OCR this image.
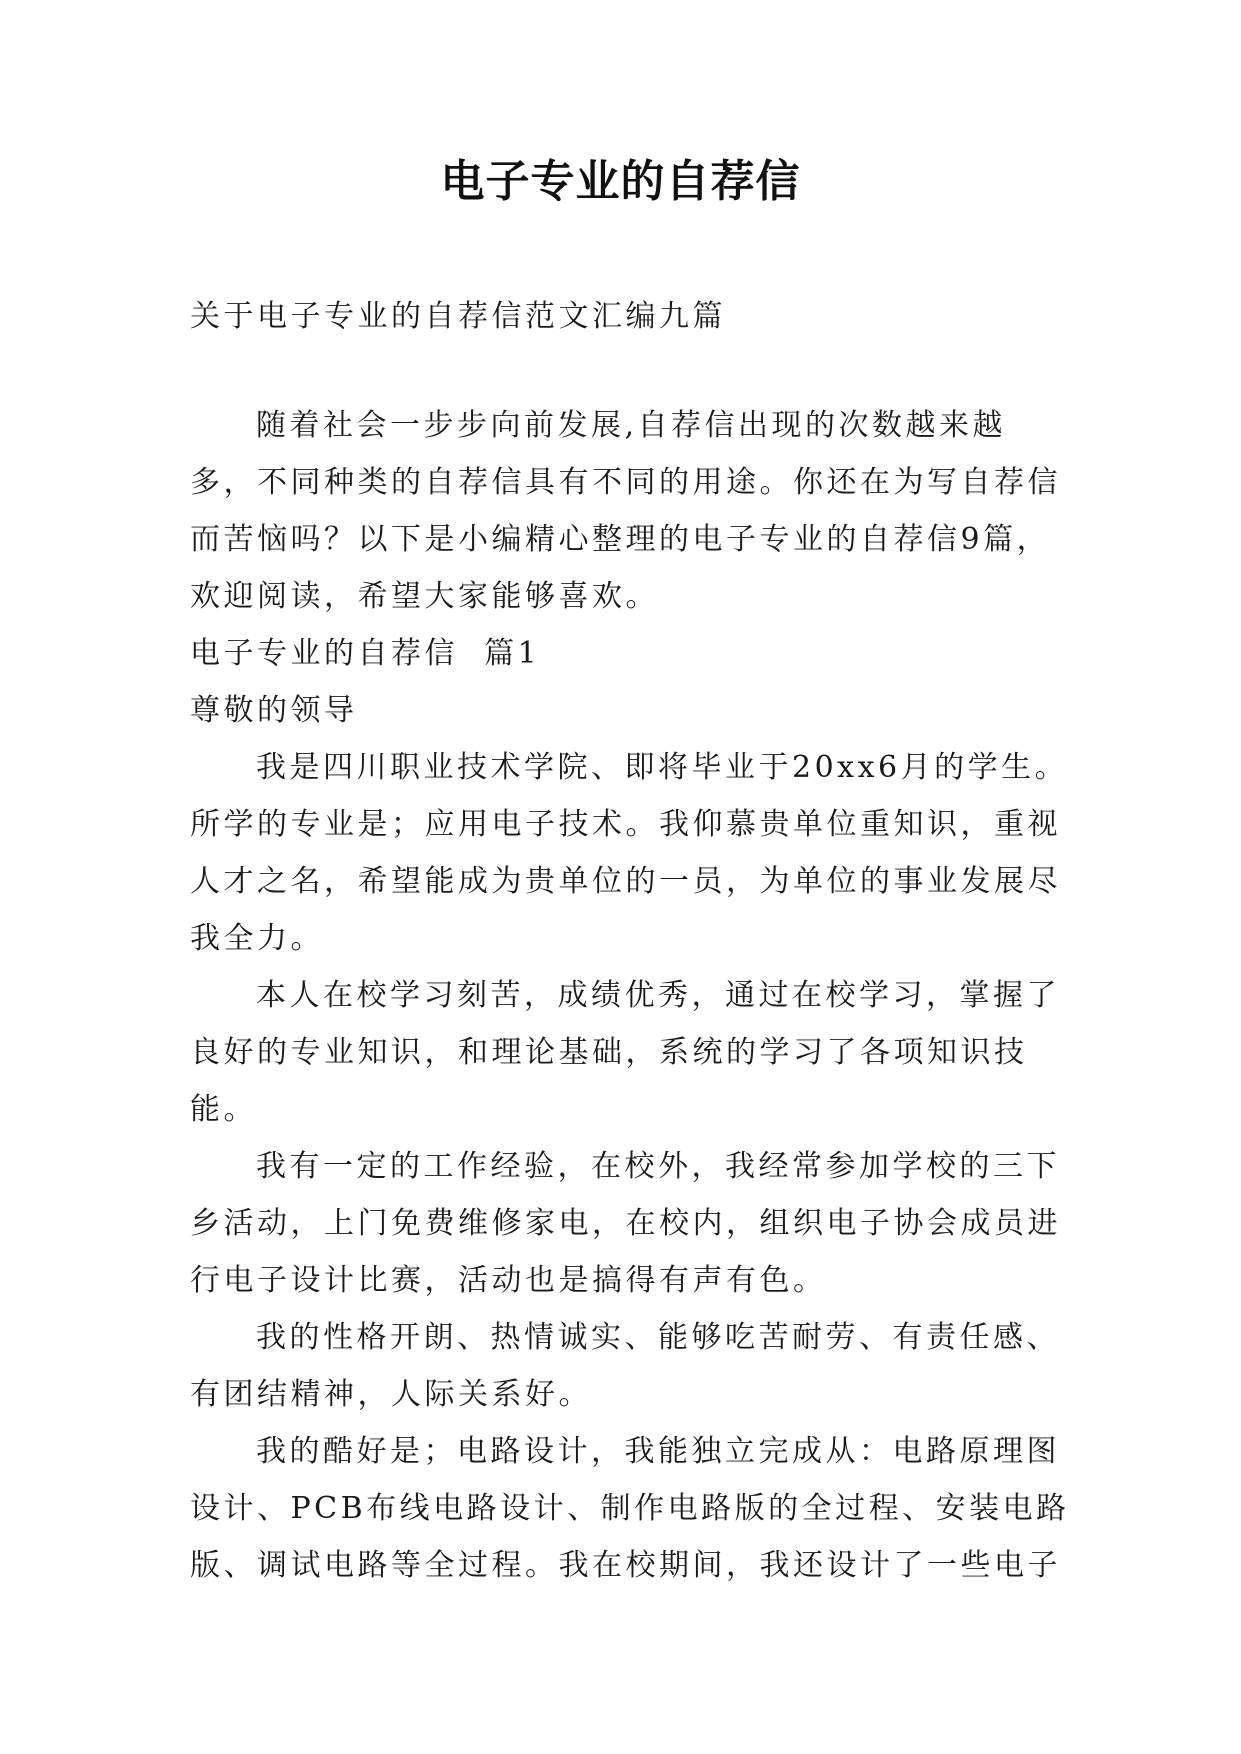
电子专业的自荐信

关于电子专业的自荐信范文汇编九篇

随着社会一步步向前发展,自荐信出现的次数越来越多，不同种类的自荐信具有不同的用途。你还在为写自荐信而苦恼吗？以下是小编精心整理的电子专业的自荐信9篇，欢迎阅读，希望大家能够喜欢。

电子专业的自荐信  篇1

尊敬的领导

我是四川职业技术学院、即将毕业于20xx6月的学生。所学的专业是；应用电子技术。我仰慕贵单位重知识，重视人才之名，希望能成为贵单位的一员，为单位的事业发展尽我全力。

本人在校学习刻苦，成绩优秀，通过在校学习，掌握了良好的专业知识，和理论基础，系统的学习了各项知识技能。

我有一定的工作经验，在校外，我经常参加学校的三下乡活动，上门免费维修家电，在校内，组织电子协会成员进行电子设计比赛，活动也是搞得有声有色。

我的性格开朗、热情诚实、能够吃苦耐劳、有责任感、有团结精神，人际关系好。

我的酷好是；电路设计，我能独立完成从：电路原理图设计、PCB布线电路设计、制作电路版的全过程、安装电路版、调试电路等全过程。我在校期间，我还设计了一些电子
